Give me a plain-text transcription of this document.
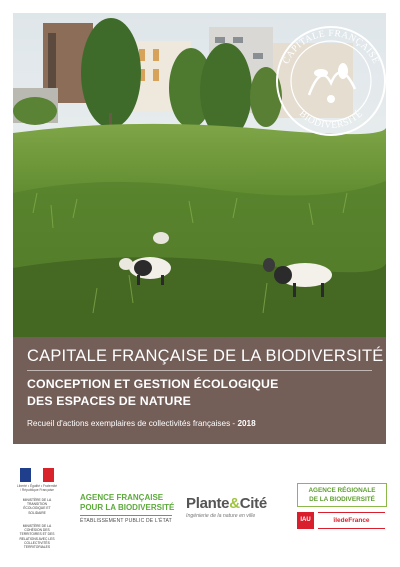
CAPITALE FRANÇAISE
BIODIVERSITÉ
CAPITALE FRANÇAISE DE LA BIODIVERSITÉ
CONCEPTION ET GESTION ÉCOLOGIQUE
DES ESPACES DE NATURE
Recueil d'actions exemplaires de collectivités françaises - 2018
Liberté • Égalité • Fraternité / République Française
MINISTÈRE DE LA TRANSITION ÉCOLOGIQUE ET SOLIDAIRE
MINISTÈRE DE LA COHÉSION DES TERRITOIRES ET DES RELATIONS AVEC LES COLLECTIVITÉS TERRITORIALES
AGENCE FRANÇAISE
POUR LA BIODIVERSITÉ
ÉTABLISSEMENT PUBLIC DE L'ÉTAT
Plante&Cité
Ingénierie de la nature en ville
AGENCE RÉGIONALE
DE LA BIODIVERSITÉ
IAU	îledeFrance
